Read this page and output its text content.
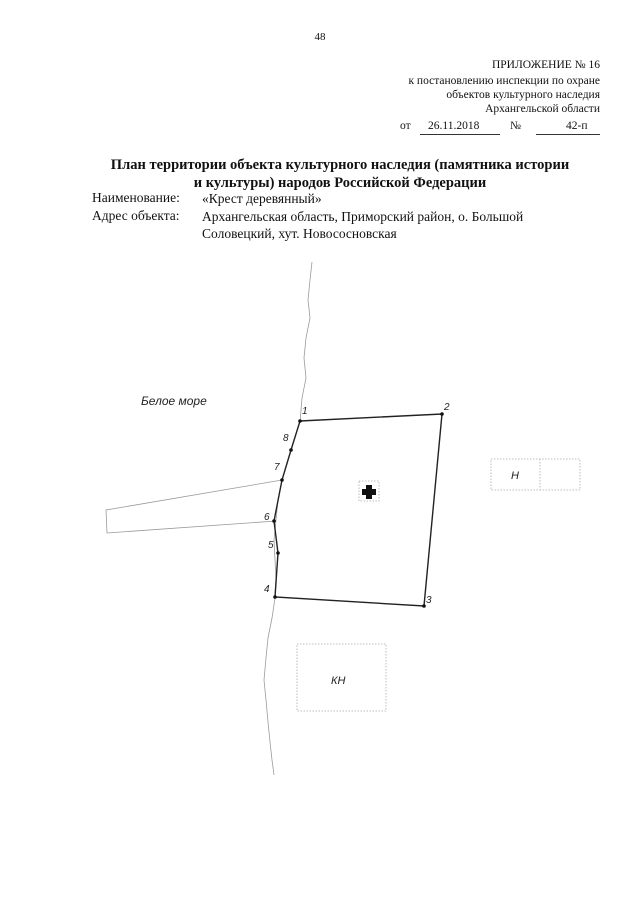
48
ПРИЛОЖЕНИЕ № 16
к постановлению инспекции по охране
объектов культурного наследия
Архангельской области
от 26.11.2018	№	42-п
План территории объекта культурного наследия (памятника истории
и культуры) народов Российской Федерации
Наименование: «Крест деревянный»
Адрес объекта: Архангельская область, Приморский район, о. Большой
Соловецкий, хут. Новососновская
1	2
3
4
5
6
7
8
Белое море
Н
КН
